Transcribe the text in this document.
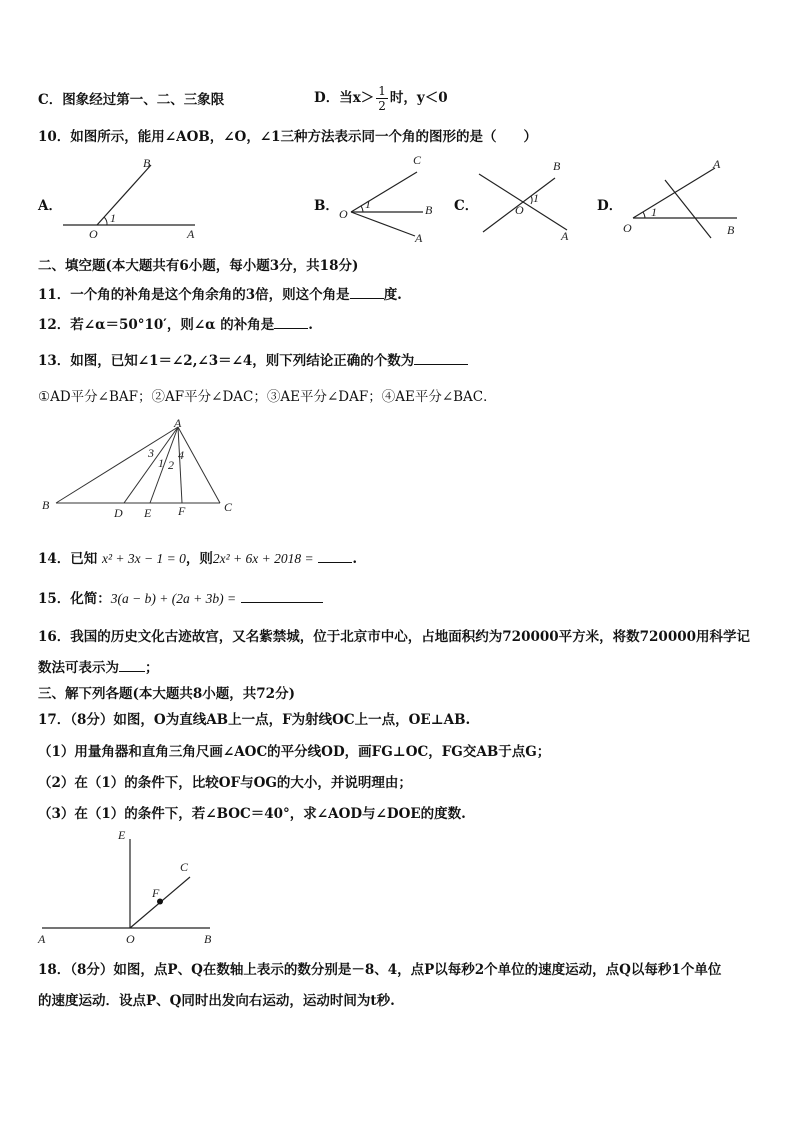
C．图象经过第一、二、三象限	D．当$x> \frac{1}{2}$ 时，y＜0
10．如图所示，能用∠AOB，∠O，∠1三种方法表示同一个角的图形的是（　　）
A．
B
O	A
1
B．
C
O
1	B
A
C．
B
O
1
A
D．
A
O
1
B
二、填空题(本大题共有6小题，每小题3分，共18分)
11．一个角的补角是这个角余角的3倍，则这个角是	度.
12．若∠α＝50°10′，则∠α 的补角是	.
13．如图，已知∠1＝∠2,∠3＝∠4，则下列结论正确的个数为
①AD平分∠BAF；②AF平分∠DAC；③AE平分∠DAF；④AE平分∠BAC．
A
B	C
D E F
3
1 2
4
14．已知 x² + 3x − 1 = 0，则2x² + 6x + 2018 =	.
15．化简：3(a − b) + (2a + 3b) =
16．我国的历史文化古迹故宫，又名紫禁城，位于北京市中心，占地面积约为720000平方米，将数720000用科学记
数法可表示为 ；
三、解下列各题(本大题共8小题，共72分)
17．（8分）如图，O为直线AB上一点，F为射线OC上一点，OE⊥AB.
（1）用量角器和直角三角尺画∠AOC的平分线OD，画FG⊥OC，FG交AB于点G；
（2）在（1）的条件下，比较OF与OG的大小，并说明理由；
（3）在（1）的条件下，若∠BOC＝40°，求∠AOD与∠DOE的度数.
E
C
F
A	O	B
18．（8分）如图，点P、Q在数轴上表示的数分别是－8、4，点P以每秒2个单位的速度运动，点Q以每秒1个单位
的速度运动．设点P、Q同时出发向右运动，运动时间为t秒.
